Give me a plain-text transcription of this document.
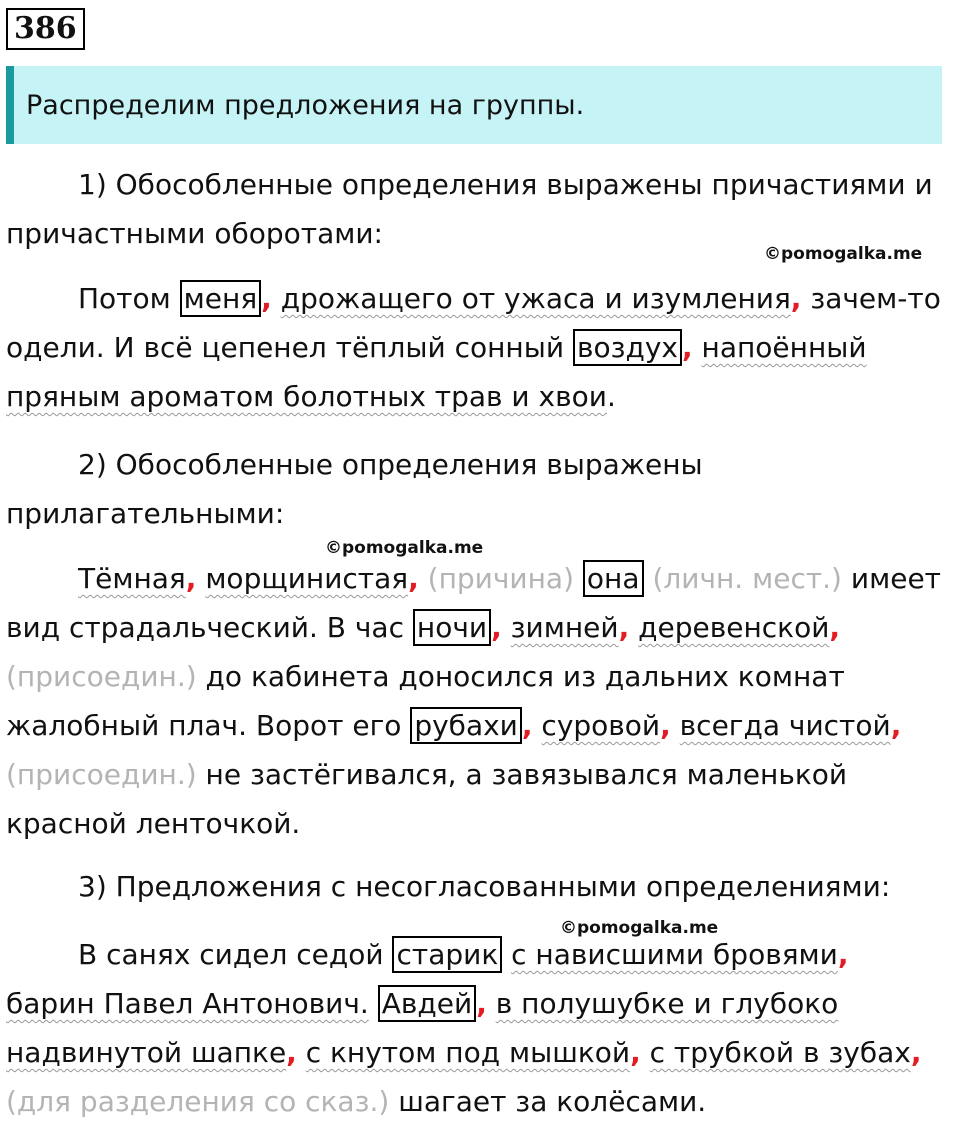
386
Распределим предложения на группы.
©pomogalka.me
©pomogalka.me
©pomogalka.me
1) Обособленные определения выражены причастиями и причастными оборотами:
Потом меня , дрожащего от ужаса и изумления, зачем-то одели. И всё цепенел тёплый сонный воздух , напоённый пряным ароматом болотных трав и хвои.
2) Обособленные определения выражены прилагательными:
Тёмная, морщинистая, (причина) она (личн. мест.) имеет вид страдальческий. В час ночи , зимней, деревенской, (присоедин.) до кабинета доносился из дальних комнат жалобный плач. Ворот его рубахи , суровой, всегда чистой, (присоедин.) не застёгивался, а завязывался маленькой красной ленточкой.
3) Предложения с несогласованными определениями:
В санях сидел седой старик с нависшими бровями, барин Павел Антонович. Авдей , в полушубке и глубоко надвинутой шапке, с кнутом под мышкой, с трубкой в зубах, (для разделения со сказ.) шагает за колёсами.
